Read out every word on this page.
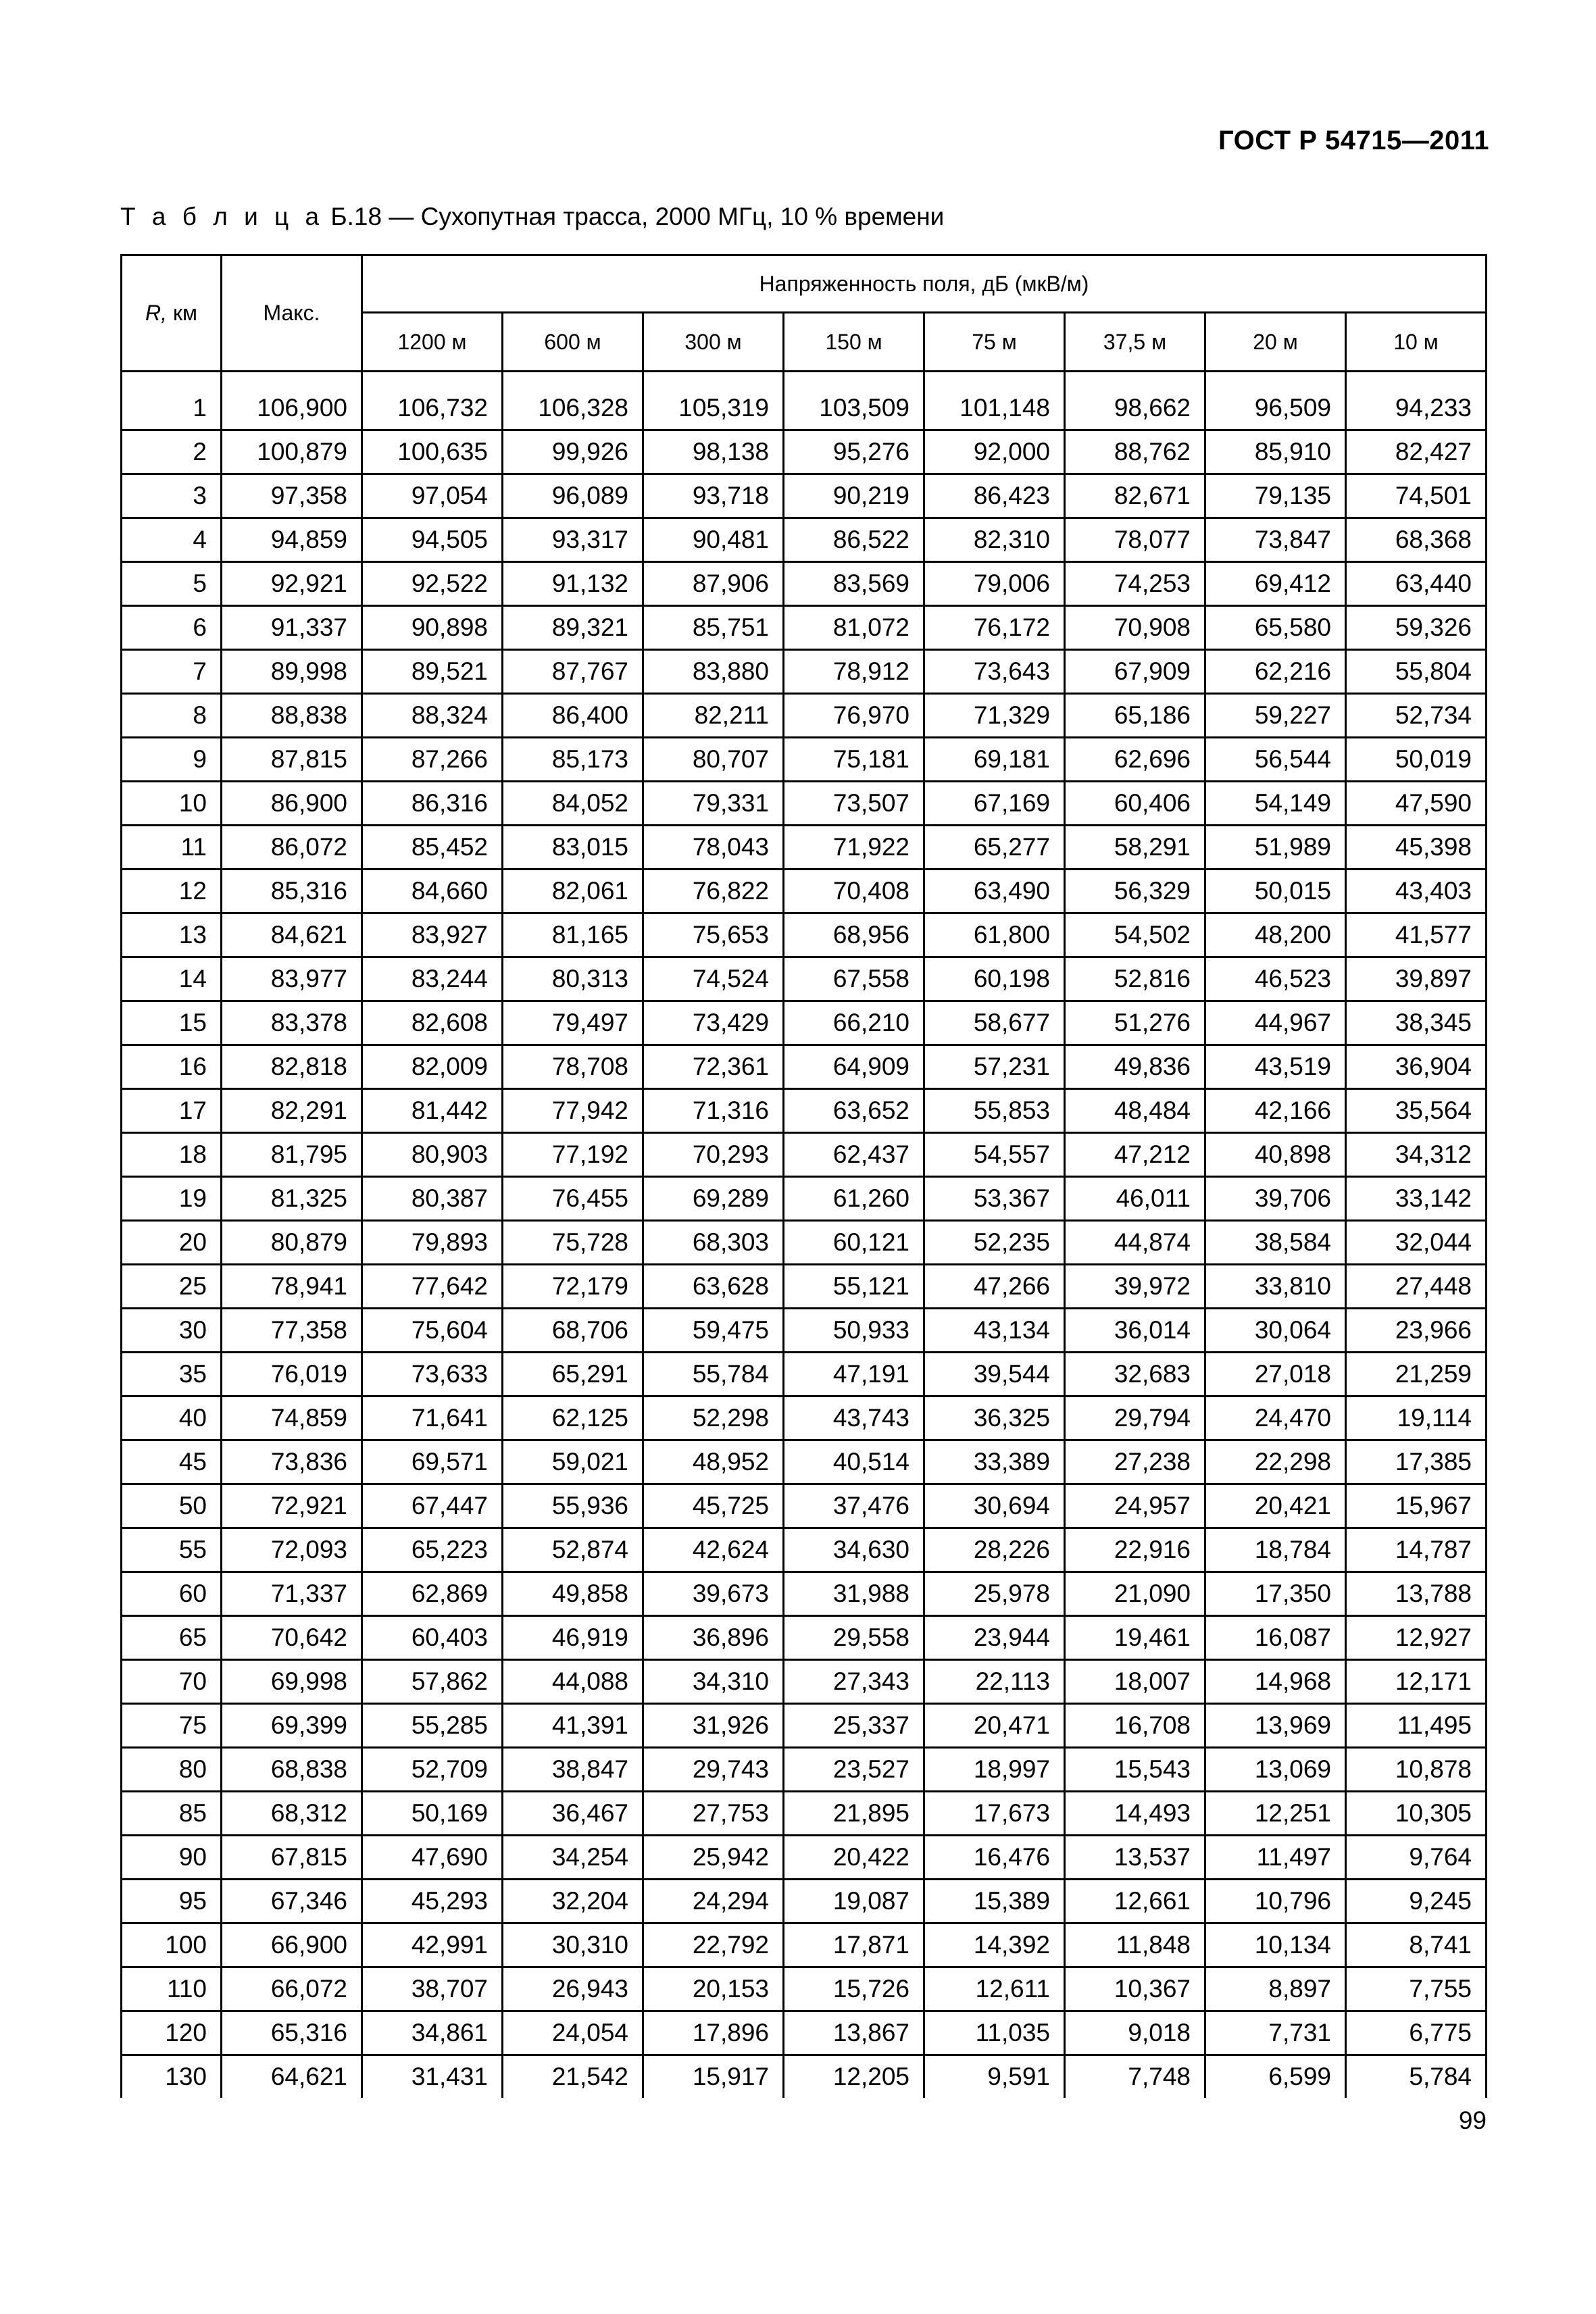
ГОСТ Р 54715—2011
Т а б л и ц а Б.18 — Сухопутная трасса, 2000 МГц, 10 % времени
R, км	Макс.	Напряженность поля, дБ (мкВ/м)							
		1200 м	600 м	300 м	150 м	75 м	37,5 м	20 м	10 м

1	106,900	106,732	106,328	105,319	103,509	101,148	98,662	96,509	94,233
2	100,879	100,635	99,926	98,138	95,276	92,000	88,762	85,910	82,427
3	97,358	97,054	96,089	93,718	90,219	86,423	82,671	79,135	74,501
4	94,859	94,505	93,317	90,481	86,522	82,310	78,077	73,847	68,368
5	92,921	92,522	91,132	87,906	83,569	79,006	74,253	69,412	63,440
6	91,337	90,898	89,321	85,751	81,072	76,172	70,908	65,580	59,326
7	89,998	89,521	87,767	83,880	78,912	73,643	67,909	62,216	55,804
8	88,838	88,324	86,400	82,211	76,970	71,329	65,186	59,227	52,734
9	87,815	87,266	85,173	80,707	75,181	69,181	62,696	56,544	50,019
10	86,900	86,316	84,052	79,331	73,507	67,169	60,406	54,149	47,590
11	86,072	85,452	83,015	78,043	71,922	65,277	58,291	51,989	45,398
12	85,316	84,660	82,061	76,822	70,408	63,490	56,329	50,015	43,403
13	84,621	83,927	81,165	75,653	68,956	61,800	54,502	48,200	41,577
14	83,977	83,244	80,313	74,524	67,558	60,198	52,816	46,523	39,897
15	83,378	82,608	79,497	73,429	66,210	58,677	51,276	44,967	38,345
16	82,818	82,009	78,708	72,361	64,909	57,231	49,836	43,519	36,904
17	82,291	81,442	77,942	71,316	63,652	55,853	48,484	42,166	35,564
18	81,795	80,903	77,192	70,293	62,437	54,557	47,212	40,898	34,312
19	81,325	80,387	76,455	69,289	61,260	53,367	46,011	39,706	33,142
20	80,879	79,893	75,728	68,303	60,121	52,235	44,874	38,584	32,044
25	78,941	77,642	72,179	63,628	55,121	47,266	39,972	33,810	27,448
30	77,358	75,604	68,706	59,475	50,933	43,134	36,014	30,064	23,966
35	76,019	73,633	65,291	55,784	47,191	39,544	32,683	27,018	21,259
40	74,859	71,641	62,125	52,298	43,743	36,325	29,794	24,470	19,114
45	73,836	69,571	59,021	48,952	40,514	33,389	27,238	22,298	17,385
50	72,921	67,447	55,936	45,725	37,476	30,694	24,957	20,421	15,967
55	72,093	65,223	52,874	42,624	34,630	28,226	22,916	18,784	14,787
60	71,337	62,869	49,858	39,673	31,988	25,978	21,090	17,350	13,788
65	70,642	60,403	46,919	36,896	29,558	23,944	19,461	16,087	12,927
70	69,998	57,862	44,088	34,310	27,343	22,113	18,007	14,968	12,171
75	69,399	55,285	41,391	31,926	25,337	20,471	16,708	13,969	11,495
80	68,838	52,709	38,847	29,743	23,527	18,997	15,543	13,069	10,878
85	68,312	50,169	36,467	27,753	21,895	17,673	14,493	12,251	10,305
90	67,815	47,690	34,254	25,942	20,422	16,476	13,537	11,497	9,764
95	67,346	45,293	32,204	24,294	19,087	15,389	12,661	10,796	9,245
100	66,900	42,991	30,310	22,792	17,871	14,392	11,848	10,134	8,741
110	66,072	38,707	26,943	20,153	15,726	12,611	10,367	8,897	7,755
120	65,316	34,861	24,054	17,896	13,867	11,035	9,018	7,731	6,775
130	64,621	31,431	21,542	15,917	12,205	9,591	7,748	6,599	5,784
99
